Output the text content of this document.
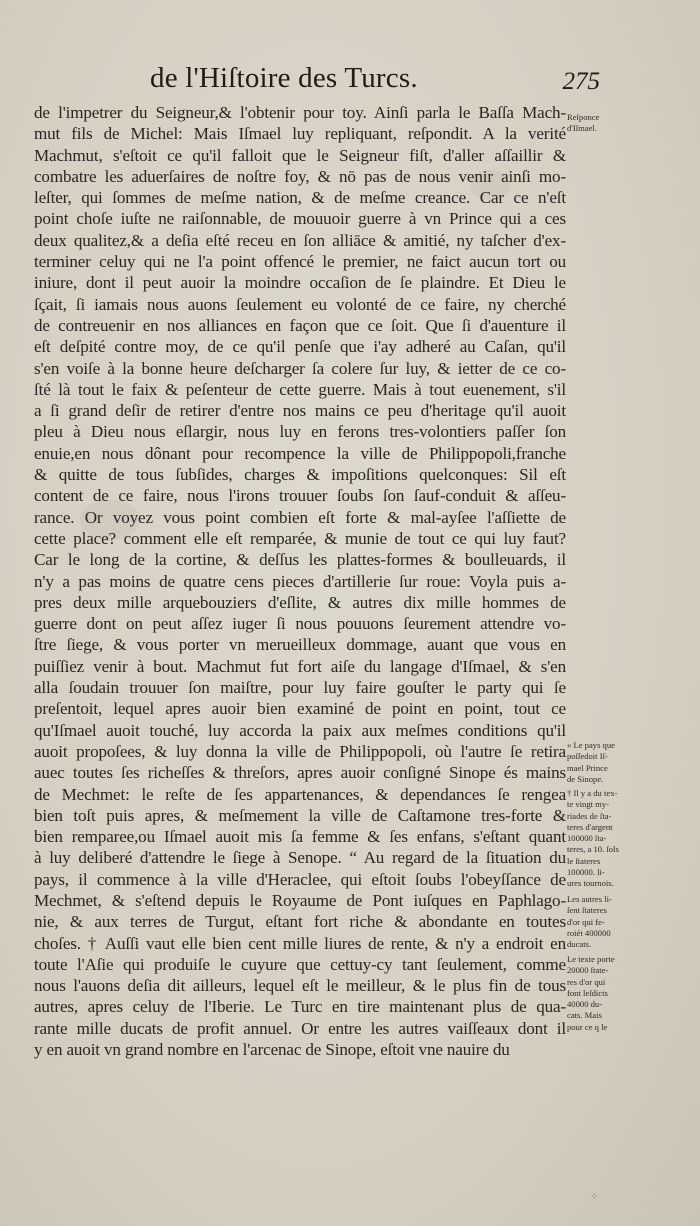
de l'Hiſtoire des Turcs.	275
de l'impetrer du Seigneur,& l'obtenir pour toy. Ainſi parla le Baſſa Mach-
mut fils de Michel: Mais Iſmael luy repliquant, reſpondit. A la verité
Machmut, s'eſtoit ce qu'il falloit que le Seigneur fiſt, d'aller aſſaillir &
combatre les aduerſaires de noſtre foy, & nō pas de nous venir ainſi mo-
leſter, qui ſommes de meſme nation, & de meſme creance. Car ce n'eſt
point choſe iuſte ne raiſonnable, de mouuoir guerre à vn Prince qui a ces
deux qualitez,& a deſia eſté receu en ſon alliāce & amitié, ny taſcher d'ex-
terminer celuy qui ne l'a point offencé le premier, ne faict aucun tort ou
iniure, dont il peut auoir la moindre occaſion de ſe plaindre. Et Dieu le
ſçait, ſi iamais nous auons ſeulement eu volonté de ce faire, ny cherché
de contreuenir en nos alliances en façon que ce ſoit. Que ſi d'auenture il
eſt deſpité contre moy, de ce qu'il penſe que i'ay adheré au Caſan, qu'il
s'en voiſe à la bonne heure deſcharger ſa colere ſur luy, & ietter de ce co-
ſté là tout le faix & peſenteur de cette guerre. Mais à tout euenement, s'il
a ſi grand deſir de retirer d'entre nos mains ce peu d'heritage qu'il auoit
pleu à Dieu nous eſlargir, nous luy en ferons tres-volontiers paſſer ſon
enuie,en nous dônant pour recompence la ville de Philippopoli,franche
& quitte de tous ſubſides, charges & impoſitions quelconques: Sil eſt
content de ce faire, nous l'irons trouuer ſoubs ſon ſauf-conduit & aſſeu-
rance. Or voyez vous point combien eſt forte & mal-ayſee l'aſſiette de
cette place? comment elle eſt remparée, & munie de tout ce qui luy faut?
Car le long de la cortine, & deſſus les plattes-formes & boulleuards, il
n'y a pas moins de quatre cens pieces d'artillerie ſur roue: Voyla puis a-
pres deux mille arquebouziers d'eſlite, & autres dix mille hommes de
guerre dont on peut aſſez iuger ſi nous pouuons ſeurement attendre vo-
ſtre ſiege, & vous porter vn merueilleux dommage, auant que vous en
puiſſiez venir à bout. Machmut fut fort aiſe du langage d'Iſmael, & s'en
alla ſoudain trouuer ſon maiſtre, pour luy faire gouſter le party qui ſe
preſentoit, lequel apres auoir bien examiné de point en point, tout ce
qu'Iſmael auoit touché, luy accorda la paix aux meſmes conditions qu'il
auoit propoſees, & luy donna la ville de Philippopoli, où l'autre ſe retira
auec toutes ſes richeſſes & threſors, apres auoir conſigné Sinope és mains
de Mechmet: le reſte de ſes appartenances, & dependances ſe rengea
bien toſt puis apres, & meſmement la ville de Caſtamone tres-forte &
bien remparee,ou Iſmael auoit mis ſa femme & ſes enfans, s'eſtant quant
à luy deliberé d'attendre le ſiege à Senope. “ Au regard de la ſituation du
pays, il commence à la ville d'Heraclee, qui eſtoit ſoubs l'obeyſſance de
Mechmet, & s'eſtend depuis le Royaume de Pont iuſques en Paphlago-
nie, & aux terres de Turgut, eſtant fort riche & abondante en toutes
choſes. † Auſſi vaut elle bien cent mille liures de rente, & n'y a endroit en
toute l'Aſie qui produiſe le cuyure que cettuy-cy tant ſeulement, comme
nous l'auons deſia dit ailleurs, lequel eſt le meilleur, & le plus fin de tous
autres, apres celuy de l'Iberie. Le Turc en tire maintenant plus de qua-
rante mille ducats de profit annuel. Or entre les autres vaiſſeaux dont il
y en auoit vn grand nombre en l'arcenac de Sinope, eſtoit vne nauire du
Reſponce
d'Iſmael.
« Le pays que
poſſedoit Iſ-
mael Prince
de Sinope.
† Il y a du tex-
te vingt my-
riades de ſta-
teres d'argent
100000 ſta-
teres, a 10. ſols
le ſtateres
100000. li-
ures tournois.
Les autres li-
ſent ſtateres
d'or qui fe-
roiét 400000
ducats.
Le texte porte
20000 ſtate-
res d'or qui
font leſdicts
40000 du-
cats. Mais
pour ce q le
⁘
